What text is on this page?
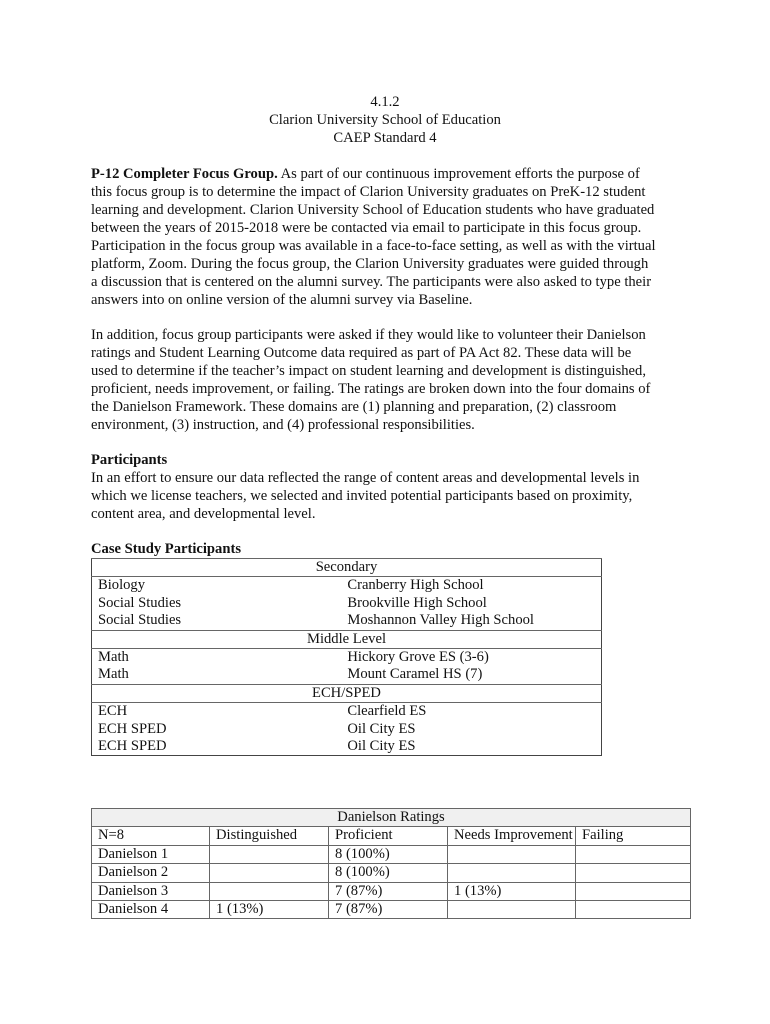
4.1.2
Clarion University School of Education
CAEP Standard 4
P-12 Completer Focus Group. As part of our continuous improvement efforts the purpose of
this focus group is to determine the impact of Clarion University graduates on PreK-12 student
learning and development. Clarion University School of Education students who have graduated
between the years of 2015-2018 were be contacted via email to participate in this focus group.
Participation in the focus group was available in a face-to-face setting, as well as with the virtual
platform, Zoom. During the focus group, the Clarion University graduates were guided through
a discussion that is centered on the alumni survey. The participants were also asked to type their
answers into on online version of the alumni survey via Baseline.
In addition, focus group participants were asked if they would like to volunteer their Danielson
ratings and Student Learning Outcome data required as part of PA Act 82. These data will be
used to determine if the teacher’s impact on student learning and development is distinguished,
proficient, needs improvement, or failing. The ratings are broken down into the four domains of
the Danielson Framework. These domains are (1) planning and preparation, (2) classroom
environment, (3) instruction, and (4) professional responsibilities.
Participants
In an effort to ensure our data reflected the range of content areas and developmental levels in
which we license teachers, we selected and invited potential participants based on proximity,
content area, and developmental level.
Case Study Participants
Secondary	
Biology	Cranberry High School
Social Studies	Brookville High School
Social Studies	Moshannon Valley High School
Middle Level	
Math	Hickory Grove ES (3-6)
Math	Mount Caramel HS (7)
ECH/SPED	
ECH	Clearfield ES
ECH SPED	Oil City ES
ECH SPED	Oil City ES
Danielson Ratings				
N=8	Distinguished	Proficient	Needs Improvement	Failing
Danielson 1		8 (100%)		
Danielson 2		8 (100%)		
Danielson 3		7 (87%)	1 (13%)	
Danielson 4	1 (13%)	7 (87%)		
